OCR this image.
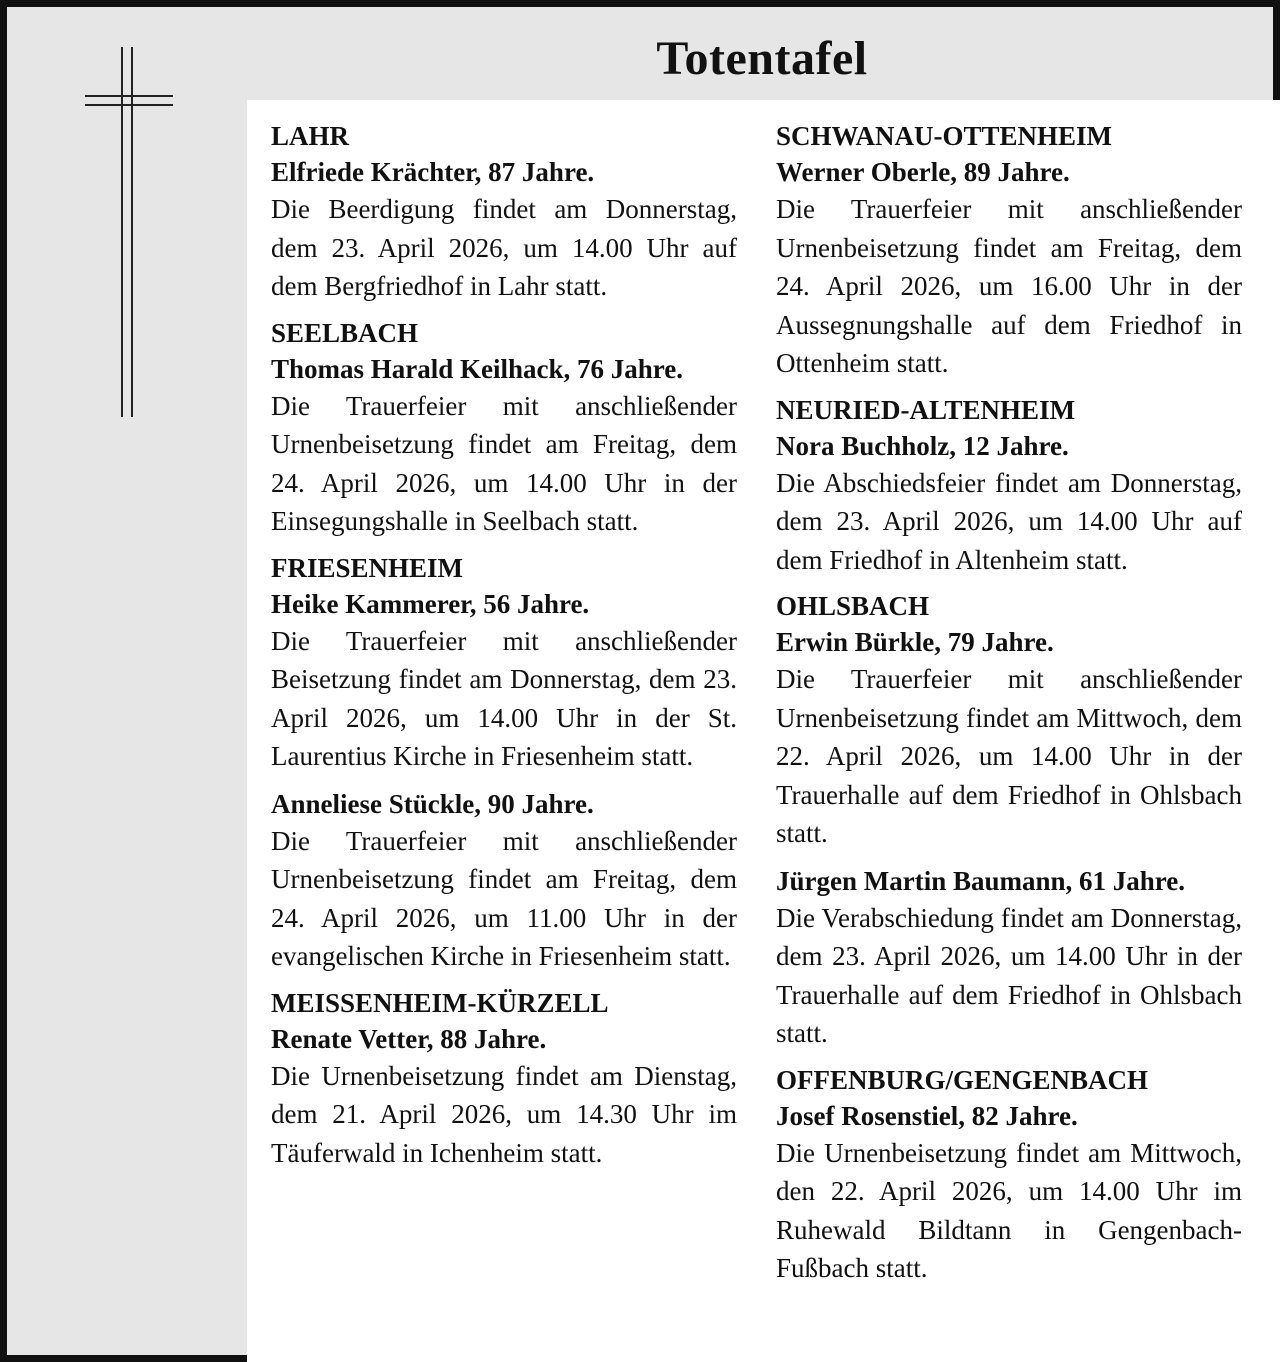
Totentafel
LAHR
Elfriede Krächter, 87 Jahre.
Die Beerdigung findet am Donnerstag, dem 23. April 2026, um 14.00 Uhr auf dem Bergfriedhof in Lahr statt.
SEELBACH
Thomas Harald Keilhack, 76 Jahre.
Die Trauerfeier mit anschließender Urnenbeisetzung findet am Freitag, dem 24. April 2026, um 14.00 Uhr in der Einsegungshalle in Seelbach statt.
FRIESENHEIM
Heike Kammerer, 56 Jahre.
Die Trauerfeier mit anschließender Beisetzung findet am Donnerstag, dem 23. April 2026, um 14.00 Uhr in der St. Laurentius Kirche in Friesenheim statt.
Anneliese Stückle, 90 Jahre.
Die Trauerfeier mit anschließender Urnenbeisetzung findet am Freitag, dem 24. April 2026, um 11.00 Uhr in der evangelischen Kirche in Friesenheim statt.
MEISSENHEIM-KÜRZELL
Renate Vetter, 88 Jahre.
Die Urnenbeisetzung findet am Dienstag, dem 21. April 2026, um 14.30 Uhr im Täuferwald in Ichenheim statt.
SCHWANAU-OTTENHEIM
Werner Oberle, 89 Jahre.
Die Trauerfeier mit anschließender Urnenbeisetzung findet am Freitag, dem 24. April 2026, um 16.00 Uhr in der Aussegnungshalle auf dem Friedhof in Ottenheim statt.
NEURIED-ALTENHEIM
Nora Buchholz, 12 Jahre.
Die Abschiedsfeier findet am Donnerstag, dem 23. April 2026, um 14.00 Uhr auf dem Friedhof in Altenheim statt.
OHLSBACH
Erwin Bürkle, 79 Jahre.
Die Trauerfeier mit anschließender Urnenbeisetzung findet am Mittwoch, dem 22. April 2026, um 14.00 Uhr in der Trauerhalle auf dem Friedhof in Ohlsbach statt.
Jürgen Martin Baumann, 61 Jahre.
Die Verabschiedung findet am Donnerstag, dem 23. April 2026, um 14.00 Uhr in der Trauerhalle auf dem Friedhof in Ohlsbach statt.
OFFENBURG/GENGENBACH
Josef Rosenstiel, 82 Jahre.
Die Urnenbeisetzung findet am Mittwoch, den 22. April 2026, um 14.00 Uhr im Ruhewald Bildtann in Gengenbach-Fußbach statt.
